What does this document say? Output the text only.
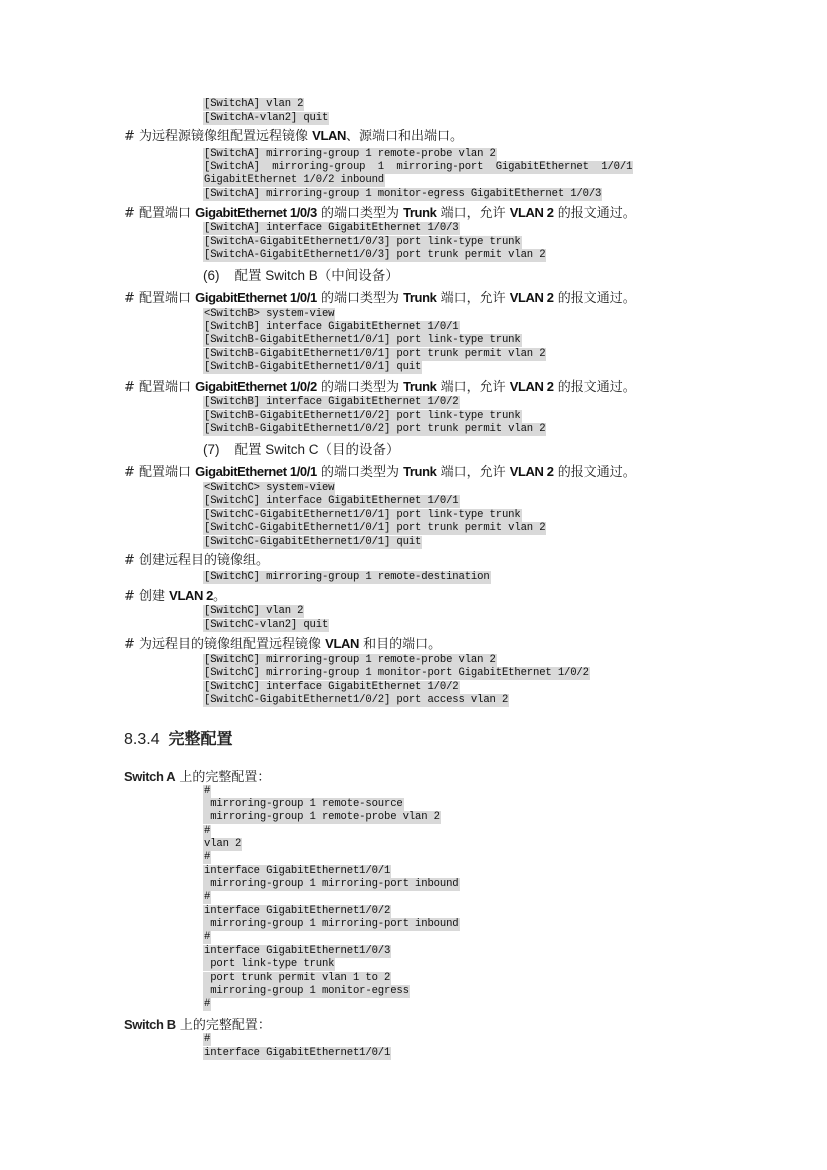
[SwitchA] vlan 2
[SwitchA-vlan2] quit
# 为远程源镜像组配置远程镜像 VLAN、源端口和出端口。
[SwitchA] mirroring-group 1 remote-probe vlan 2
[SwitchA]  mirroring-group  1  mirroring-port  GigabitEthernet  1/0/1
GigabitEthernet 1/0/2 inbound
[SwitchA] mirroring-group 1 monitor-egress GigabitEthernet 1/0/3
# 配置端口 GigabitEthernet 1/0/3 的端口类型为 Trunk 端口，允许 VLAN 2 的报文通过。
[SwitchA] interface GigabitEthernet 1/0/3
[SwitchA-GigabitEthernet1/0/3] port link-type trunk
[SwitchA-GigabitEthernet1/0/3] port trunk permit vlan 2
(6) 配置 Switch B（中间设备）
# 配置端口 GigabitEthernet 1/0/1 的端口类型为 Trunk 端口，允许 VLAN 2 的报文通过。
<SwitchB> system-view
[SwitchB] interface GigabitEthernet 1/0/1
[SwitchB-GigabitEthernet1/0/1] port link-type trunk
[SwitchB-GigabitEthernet1/0/1] port trunk permit vlan 2
[SwitchB-GigabitEthernet1/0/1] quit
# 配置端口 GigabitEthernet 1/0/2 的端口类型为 Trunk 端口，允许 VLAN 2 的报文通过。
[SwitchB] interface GigabitEthernet 1/0/2
[SwitchB-GigabitEthernet1/0/2] port link-type trunk
[SwitchB-GigabitEthernet1/0/2] port trunk permit vlan 2
(7) 配置 Switch C（目的设备）
# 配置端口 GigabitEthernet 1/0/1 的端口类型为 Trunk 端口，允许 VLAN 2 的报文通过。
<SwitchC> system-view
[SwitchC] interface GigabitEthernet 1/0/1
[SwitchC-GigabitEthernet1/0/1] port link-type trunk
[SwitchC-GigabitEthernet1/0/1] port trunk permit vlan 2
[SwitchC-GigabitEthernet1/0/1] quit
# 创建远程目的镜像组。
[SwitchC] mirroring-group 1 remote-destination
# 创建 VLAN 2。
[SwitchC] vlan 2
[SwitchC-vlan2] quit
# 为远程目的镜像组配置远程镜像 VLAN 和目的端口。
[SwitchC] mirroring-group 1 remote-probe vlan 2
[SwitchC] mirroring-group 1 monitor-port GigabitEthernet 1/0/2
[SwitchC] interface GigabitEthernet 1/0/2
[SwitchC-GigabitEthernet1/0/2] port access vlan 2
8.3.4 完整配置
Switch A 上的完整配置：
#
mirroring-group 1 remote-source
mirroring-group 1 remote-probe vlan 2
#
vlan 2
#
interface GigabitEthernet1/0/1
mirroring-group 1 mirroring-port inbound
#
interface GigabitEthernet1/0/2
mirroring-group 1 mirroring-port inbound
#
interface GigabitEthernet1/0/3
port link-type trunk
port trunk permit vlan 1 to 2
mirroring-group 1 monitor-egress
#
Switch B 上的完整配置：
#
interface GigabitEthernet1/0/1
